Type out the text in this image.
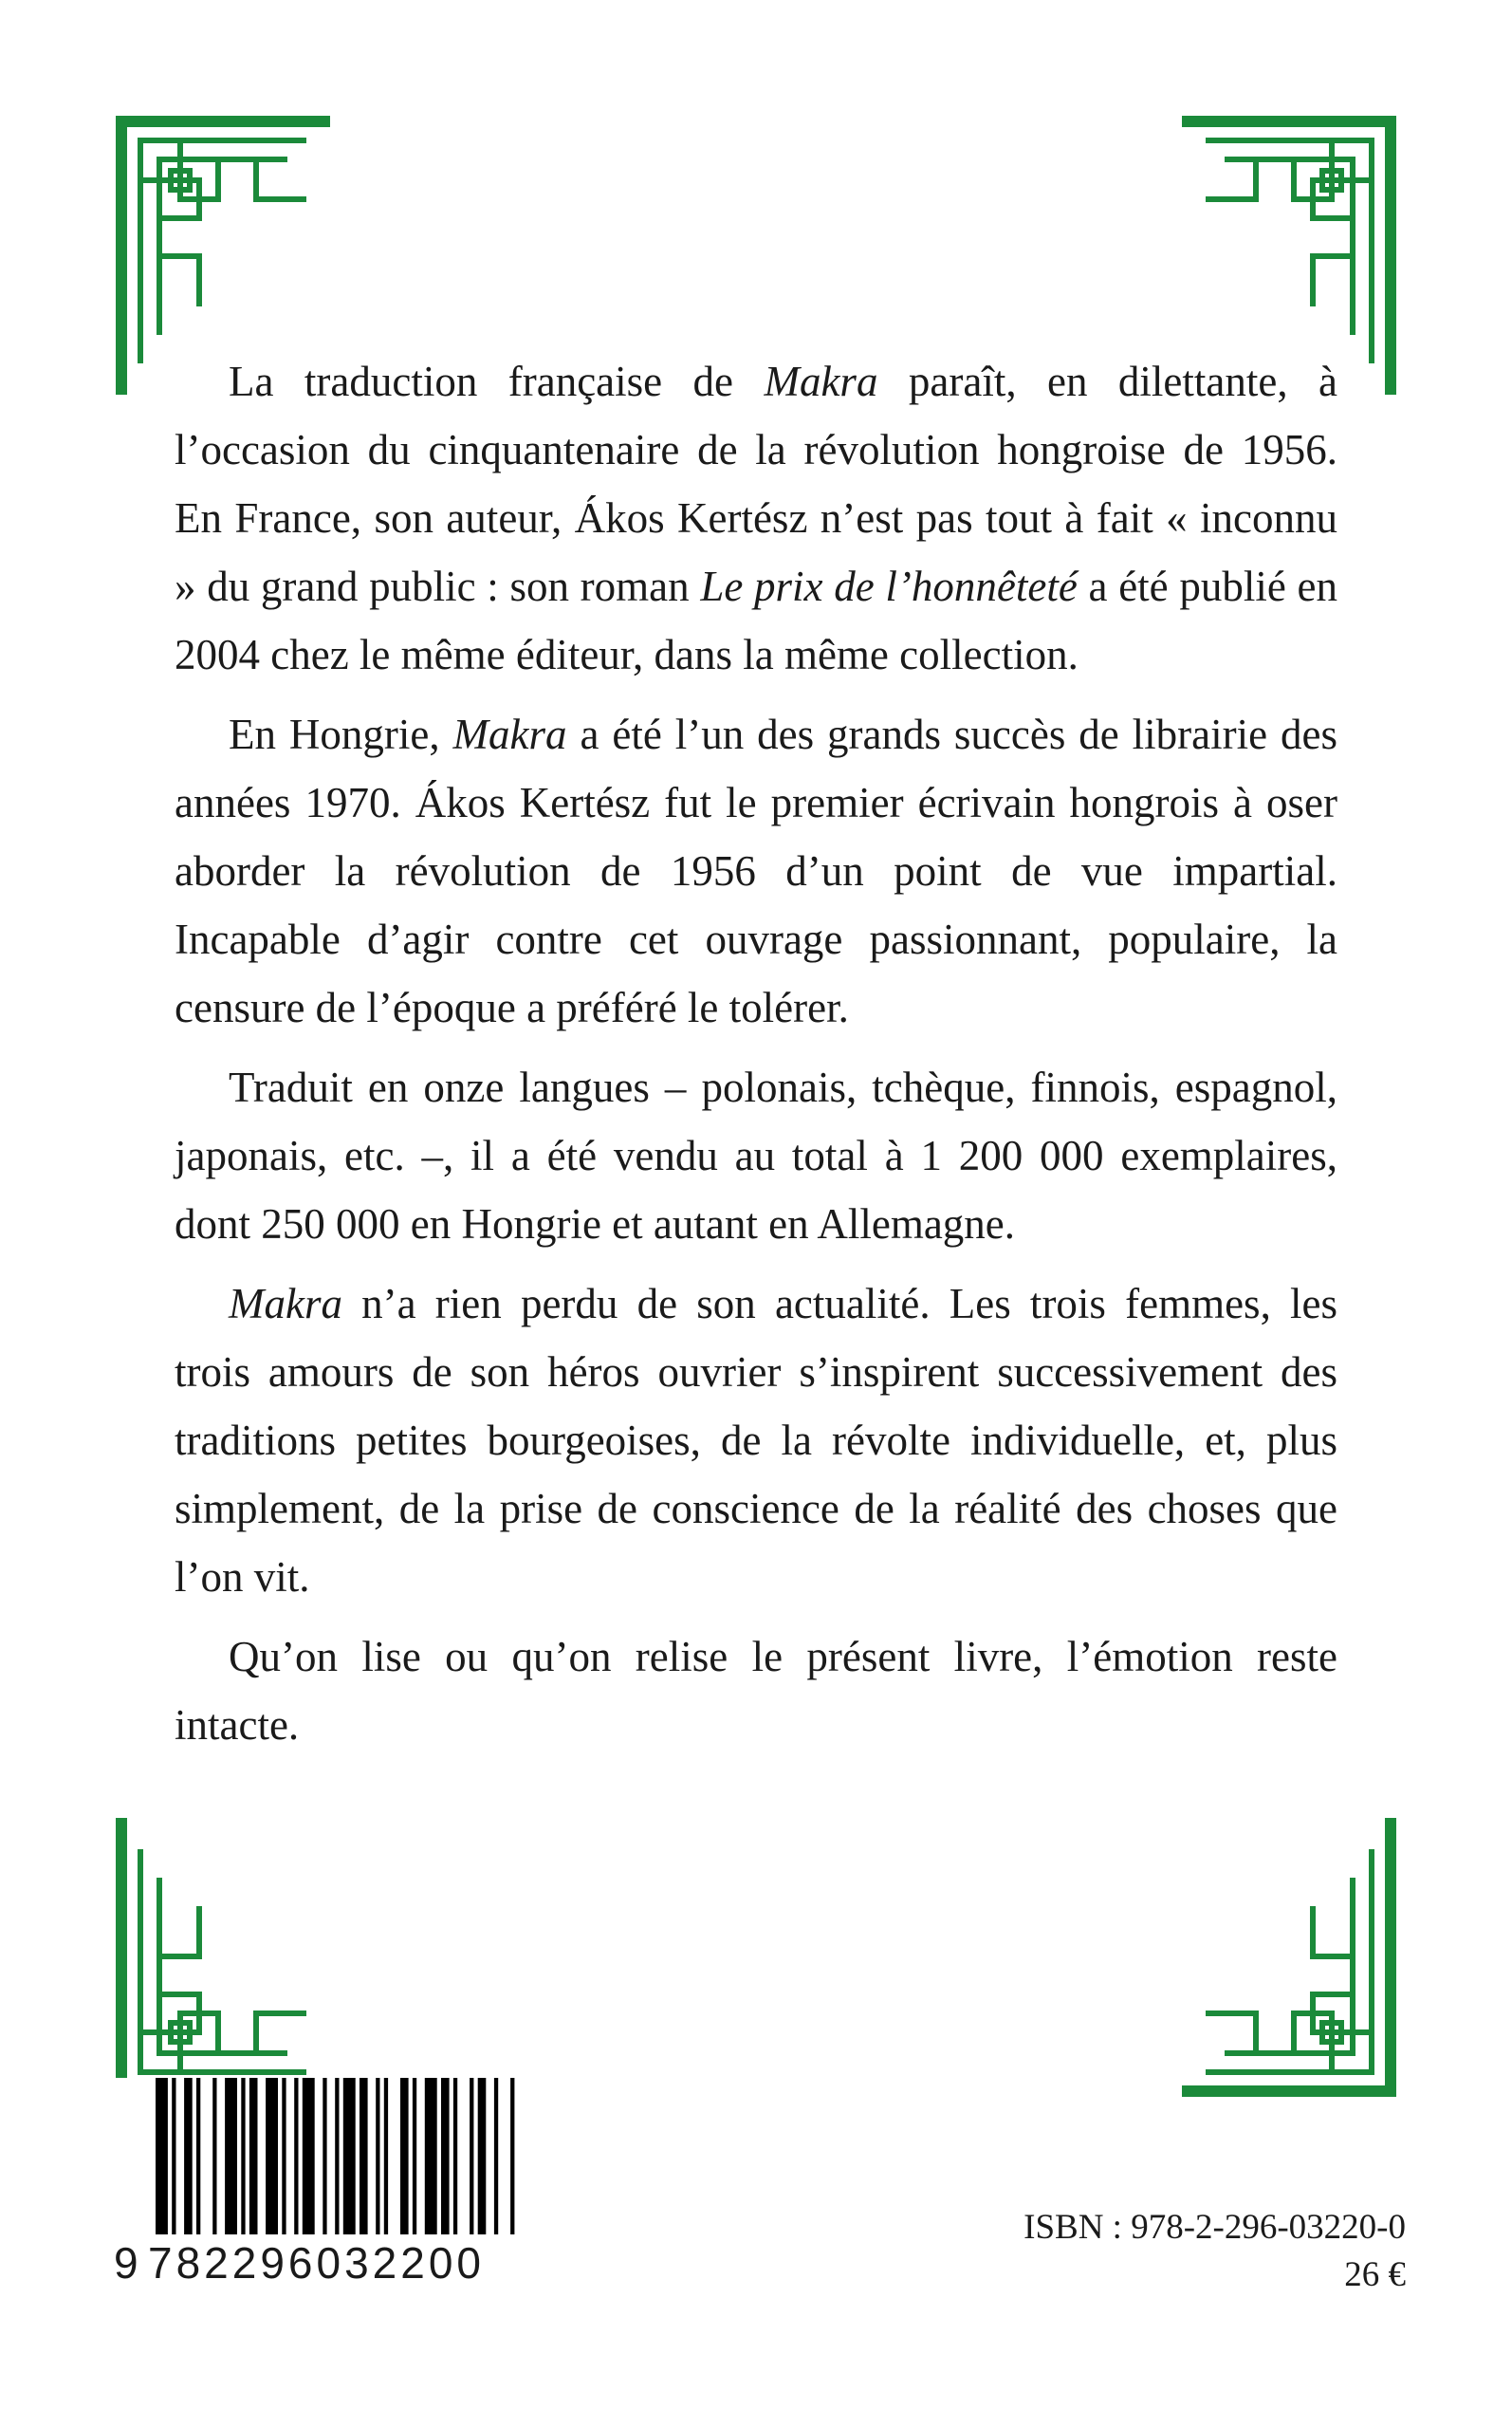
La traduction française de Makra paraît, en dilettante, à l’occasion du cinquantenaire de la révolution hongroise de 1956. En France, son auteur, Ákos Kertész n’est pas tout à fait « inconnu » du grand public : son roman Le prix de l’honnêteté a été publié en 2004 chez le même éditeur, dans la même collection.

En Hongrie, Makra a été l’un des grands succès de librairie des années 1970. Ákos Kertész fut le premier écrivain hongrois à oser aborder la révolution de 1956 d’un point de vue impartial. Incapable d’agir contre cet ouvrage passionnant, populaire, la censure de l’époque a préféré le tolérer.

Traduit en onze langues – polonais, tchèque, finnois, espagnol, japonais, etc. –, il a été vendu au total à 1 200 000 exemplaires, dont 250 000 en Hongrie et autant en Allemagne.

Makra n’a rien perdu de son actualité. Les trois femmes, les trois amours de son héros ouvrier s’inspirent successivement des traditions petites bourgeoises, de la révolte individuelle, et, plus simplement, de la prise de conscience de la réalité des choses que l’on vit.

Qu’on lise ou qu’on relise le présent livre, l’émotion reste intacte.

9 782296032200
ISBN : 978-2-296-03220-0
26 €
